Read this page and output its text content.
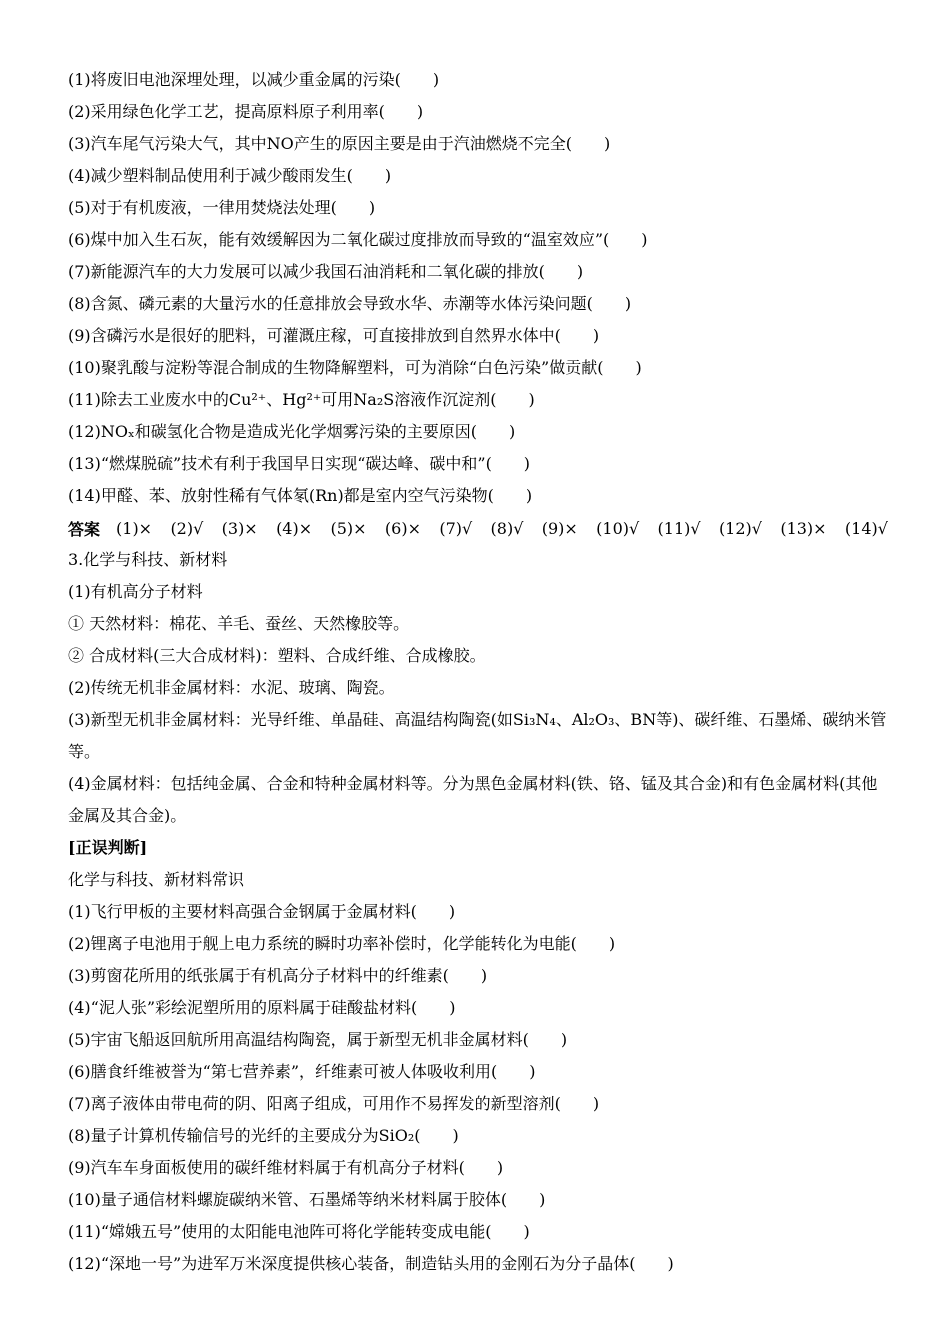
(1)将废旧电池深埋处理，以减少重金属的污染(　　)

(2)采用绿色化学工艺，提高原料原子利用率(　　)

(3)汽车尾气污染大气，其中NO产生的原因主要是由于汽油燃烧不完全(　　)

(4)减少塑料制品使用利于减少酸雨发生(　　)

(5)对于有机废液，一律用焚烧法处理(　　)

(6)煤中加入生石灰，能有效缓解因为二氧化碳过度排放而导致的“温室效应”(　　)

(7)新能源汽车的大力发展可以减少我国石油消耗和二氧化碳的排放(　　)

(8)含氮、磷元素的大量污水的任意排放会导致水华、赤潮等水体污染问题(　　)

(9)含磷污水是很好的肥料，可灌溉庄稼，可直接排放到自然界水体中(　　)

(10)聚乳酸与淀粉等混合制成的生物降解塑料，可为消除“白色污染”做贡献(　　)

(11)除去工业废水中的Cu²⁺、Hg²⁺可用Na₂S溶液作沉淀剂(　　)

(12)NOₓ和碳氢化合物是造成光化学烟雾污染的主要原因(　　)

(13)“燃煤脱硫”技术有利于我国早日实现“碳达峰、碳中和”(　　)

(14)甲醛、苯、放射性稀有气体氡(Rn)都是室内空气污染物(　　)

答案 (1)× (2)√ (3)× (4)× (5)× (6)× (7)√ (8)√ (9)× (10)√ (11)√ (12)√ (13)× (14)√

3.化学与科技、新材料

(1)有机高分子材料

① 天然材料：棉花、羊毛、蚕丝、天然橡胶等。

② 合成材料(三大合成材料)：塑料、合成纤维、合成橡胶。

(2)传统无机非金属材料：水泥、玻璃、陶瓷。

(3)新型无机非金属材料：光导纤维、单晶硅、高温结构陶瓷(如Si₃N₄、Al₂O₃、BN等)、碳纤维、石墨烯、碳纳米管等。

(4)金属材料：包括纯金属、合金和特种金属材料等。分为黑色金属材料(铁、铬、锰及其合金)和有色金属材料(其他金属及其合金)。

[正误判断]

化学与科技、新材料常识

(1)飞行甲板的主要材料高强合金钢属于金属材料(　　)

(2)锂离子电池用于舰上电力系统的瞬时功率补偿时，化学能转化为电能(　　)

(3)剪窗花所用的纸张属于有机高分子材料中的纤维素(　　)

(4)“泥人张”彩绘泥塑所用的原料属于硅酸盐材料(　　)

(5)宇宙飞船返回航所用高温结构陶瓷，属于新型无机非金属材料(　　)

(6)膳食纤维被誉为“第七营养素”，纤维素可被人体吸收利用(　　)

(7)离子液体由带电荷的阴、阳离子组成，可用作不易挥发的新型溶剂(　　)

(8)量子计算机传输信号的光纤的主要成分为SiO₂(　　)

(9)汽车车身面板使用的碳纤维材料属于有机高分子材料(　　)

(10)量子通信材料螺旋碳纳米管、石墨烯等纳米材料属于胶体(　　)

(11)“嫦娥五号”使用的太阳能电池阵可将化学能转变成电能(　　)

(12)“深地一号”为进军万米深度提供核心装备，制造钻头用的金刚石为分子晶体(　　)
